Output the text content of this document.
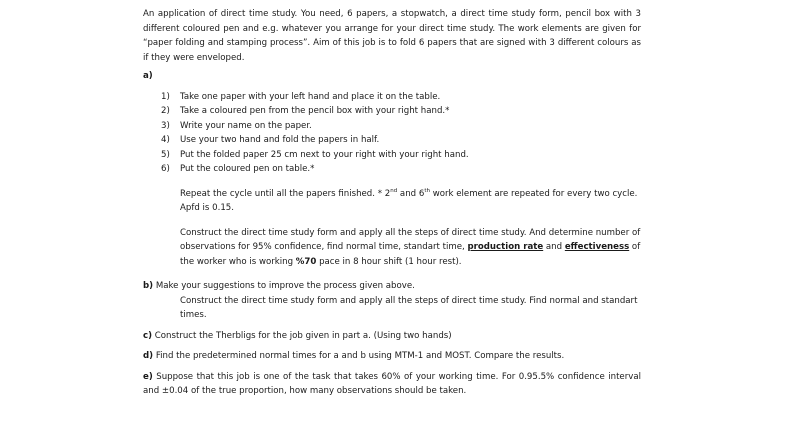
An application of direct time study. You need, 6 papers, a stopwatch, a direct time study form, pencil box with 3 different coloured pen and e.g. whatever you arrange for your direct time study. The work elements are given for “paper folding and stamping process”. Aim of this job is to fold 6 papers that are signed with 3 different colours as if they were enveloped.

a)

1)	Take one paper with your left hand and place it on the table.
2)	Take a coloured pen from the pencil box with your right hand.*
3)	Write your name on the paper.
4)	Use your two hand and fold the papers in half.
5)	Put the folded paper 25 cm next to your right with your right hand.
6)	Put the coloured pen on table.*

Repeat the cycle until all the papers finished. * 2nd and 6th work element are repeated for every two cycle.

Apfd is 0.15.

Construct the direct time study form and apply all the steps of direct time study. And determine number of observations for 95% confidence, find normal time, standart time, production rate and effectiveness of the worker who is working %70 pace in 8 hour shift (1 hour rest).

b) Make your suggestions to improve the process given above.

Construct the direct time study form and apply all the steps of direct time study. Find normal and standart times.

c) Construct the Therbligs for the job given in part a. (Using two hands)

d) Find the predetermined normal times for a and b using MTM-1 and MOST. Compare the results.

e) Suppose that this job is one of the task that takes 60% of your working time. For 0.95.5% confidence interval and ±0.04 of the true proportion, how many observations should be taken.
